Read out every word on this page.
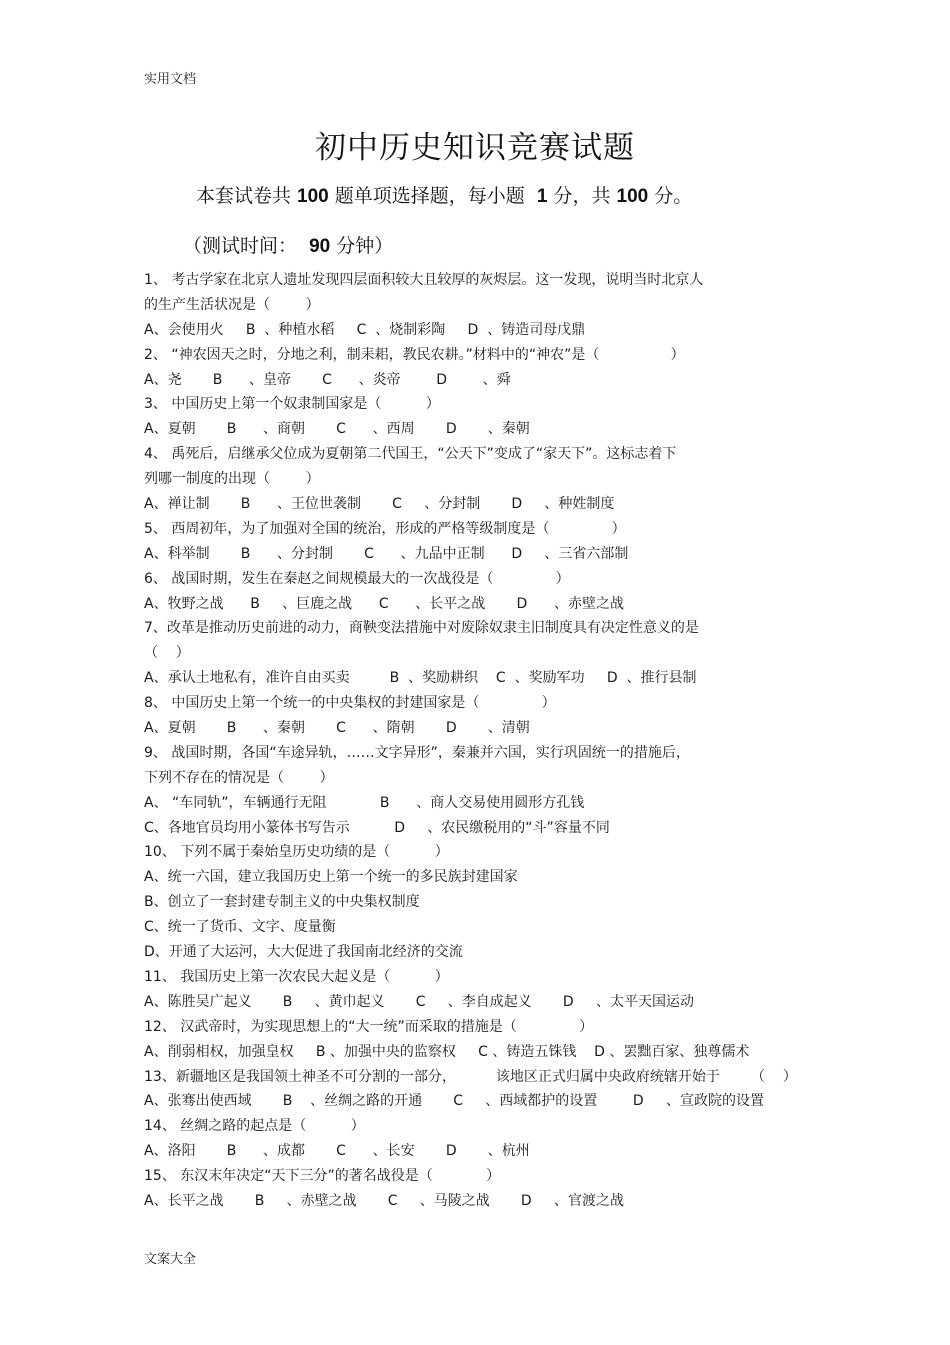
实用文档
初中历史知识竞赛试题
本套试卷共 100 题单项选择题，每小题  1 分，共 100 分。
（测试时间：  90 分钟）
1、 考古学家在北京人遗址发现四层面积较大且较厚的灰烬层。这一发现，说明当时北京人
的生产生活状况是（        ）
A、会使用火     B  、种植水稻     C  、烧制彩陶     D  、铸造司母戊鼎
2、 “神农因天之时，分地之利，制耒耜，教民农耕。”材料中的“神农”是（                ）
A、尧       B      、皇帝       C      、炎帝        D        、舜
3、 中国历史上第一个奴隶制国家是（          ）
A、夏朝       B      、商朝       C      、西周       D       、秦朝
4、 禹死后，启继承父位成为夏朝第二代国王，“公天下”变成了“家天下”。这标志着下
列哪一制度的出现（        ）
A、禅让制       B      、王位世袭制       C     、分封制       D     、种姓制度
5、 西周初年，为了加强对全国的统治，形成的严格等级制度是（              ）
A、科举制       B      、分封制       C      、九品中正制      D     、三省六部制
6、 战国时期，发生在秦赵之间规模最大的一次战役是（              ）
A、牧野之战      B     、巨鹿之战      C      、长平之战       D      、赤壁之战
7、改革是推动历史前进的动力，商鞅变法措施中对废除奴隶主旧制度具有决定性意义的是
（    ）
A、承认土地私有，准许自由买卖         B  、奖励耕织    C  、奖励军功     D  、推行县制
8、 中国历史上第一个统一的中央集权的封建国家是（              ）
A、夏朝       B      、秦朝       C      、隋朝       D       、清朝
9、 战国时期，各国“车途异轨，……文字异形”，秦兼并六国，实行巩固统一的措施后，
下列不存在的情况是（        ）
A、 “车同轨”，车辆通行无阻            B      、商人交易使用圆形方孔钱
C、各地官员均用小篆体书写告示          D     、农民缴税用的“斗”容量不同
10、 下列不属于秦始皇历史功绩的是（          ）
A、统一六国，建立我国历史上第一个统一的多民族封建国家
B、创立了一套封建专制主义的中央集权制度
C、统一了货币、文字、度量衡
D、开通了大运河，大大促进了我国南北经济的交流
11、 我国历史上第一次农民大起义是（          ）
A、陈胜吴广起义       B     、黄巾起义       C     、李自成起义       D     、太平天国运动
12、 汉武帝时，为实现思想上的“大一统”而采取的措施是（              ）
A、削弱相权，加强皇权     B 、加强中央的监察权     C 、铸造五铢钱    D 、罢黜百家、独尊儒术
13、新疆地区是我国领土神圣不可分割的一部分，         该地区正式归属中央政府统辖开始于       （    ）
A、张骞出使西域       B    、丝绸之路的开通       C     、西域都护的设置        D     、宣政院的设置
14、 丝绸之路的起点是（          ）
A、洛阳       B      、成都       C      、长安       D       、杭州
15、 东汉末年决定“天下三分”的著名战役是（            ）
A、长平之战       B     、赤壁之战       C     、马陵之战       D     、官渡之战
文案大全
